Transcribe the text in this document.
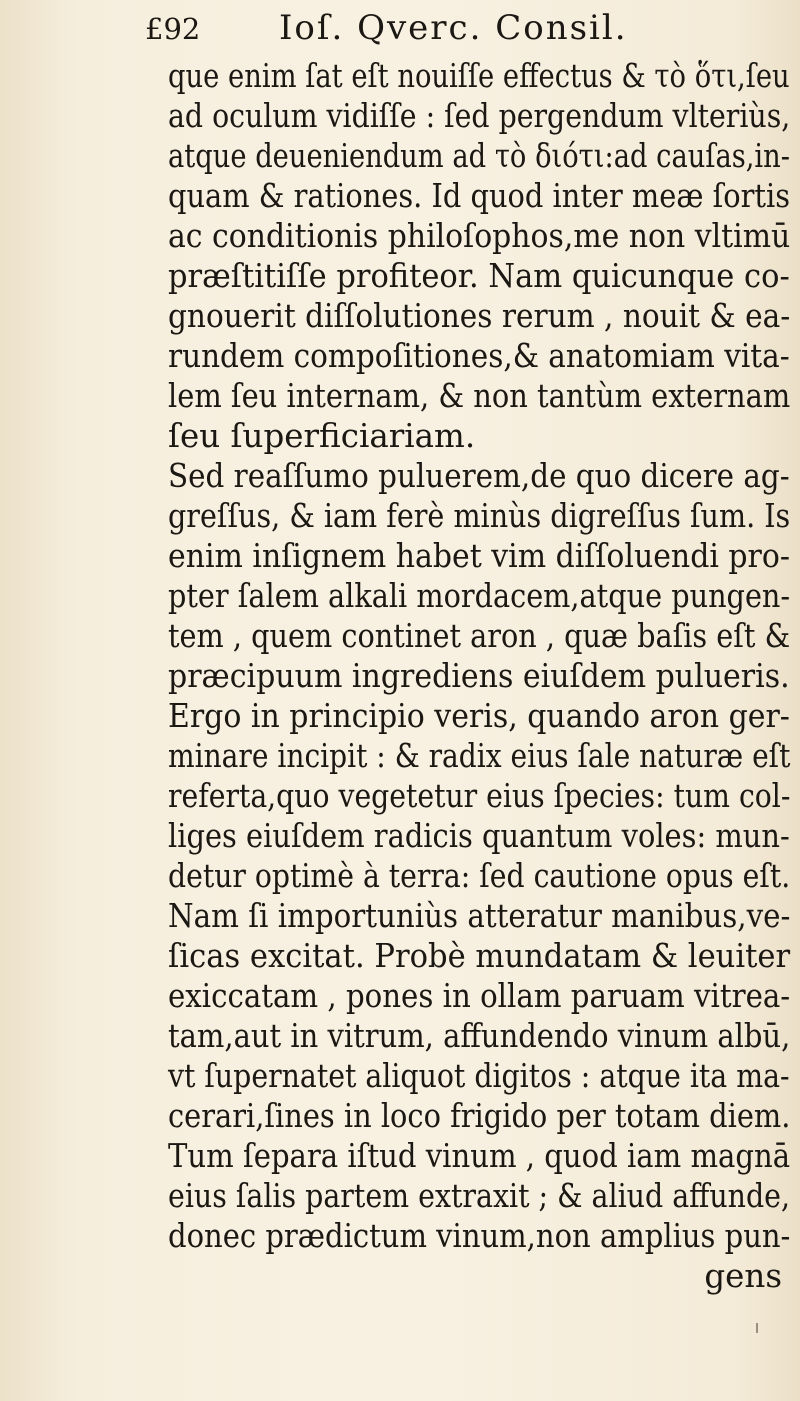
£92 Ioſ. Qverc. Consil.
que enim ſat eſt nouiſſe effectus & τὸ ὅτι,ſeu
ad oculum vidiſſe : ſed pergendum vlteriùs,
atque deueniendum ad τὸ διότι:ad cauſas,in-
quam & rationes. Id quod inter meæ ſortis
ac conditionis philoſophos,me non vltimū
præſtitiſſe profiteor. Nam quicunque co-
gnouerit diſſolutiones rerum , nouit & ea-
rundem compoſitiones,& anatomiam vita-
lem ſeu internam, & non tantùm externam
ſeu ſuperficiariam.
Sed reaſſumo puluerem,de quo dicere ag-
greſſus, & iam ferè minùs digreſſus ſum. Is
enim inſignem habet vim diſſoluendi pro-
pter ſalem alkali mordacem,atque pungen-
tem , quem continet aron , quæ baſis eſt &
præcipuum ingrediens eiuſdem pulueris.
Ergo in principio veris, quando aron ger-
minare incipit : & radix eius ſale naturæ eſt
referta,quo vegetetur eius ſpecies: tum col-
liges eiuſdem radicis quantum voles: mun-
detur optimè à terra: ſed cautione opus eſt.
Nam ſi importuniùs atteratur manibus,ve-
ſicas excitat. Probè mundatam & leuiter
exiccatam , pones in ollam paruam vitrea-
tam,aut in vitrum, affundendo vinum albū,
vt ſupernatet aliquot digitos : atque ita ma-
cerari,ſines in loco frigido per totam diem.
Tum ſepara iſtud vinum , quod iam magnā
eius ſalis partem extraxit ; & aliud affunde,
donec prædictum vinum,non amplius pun-
gens
